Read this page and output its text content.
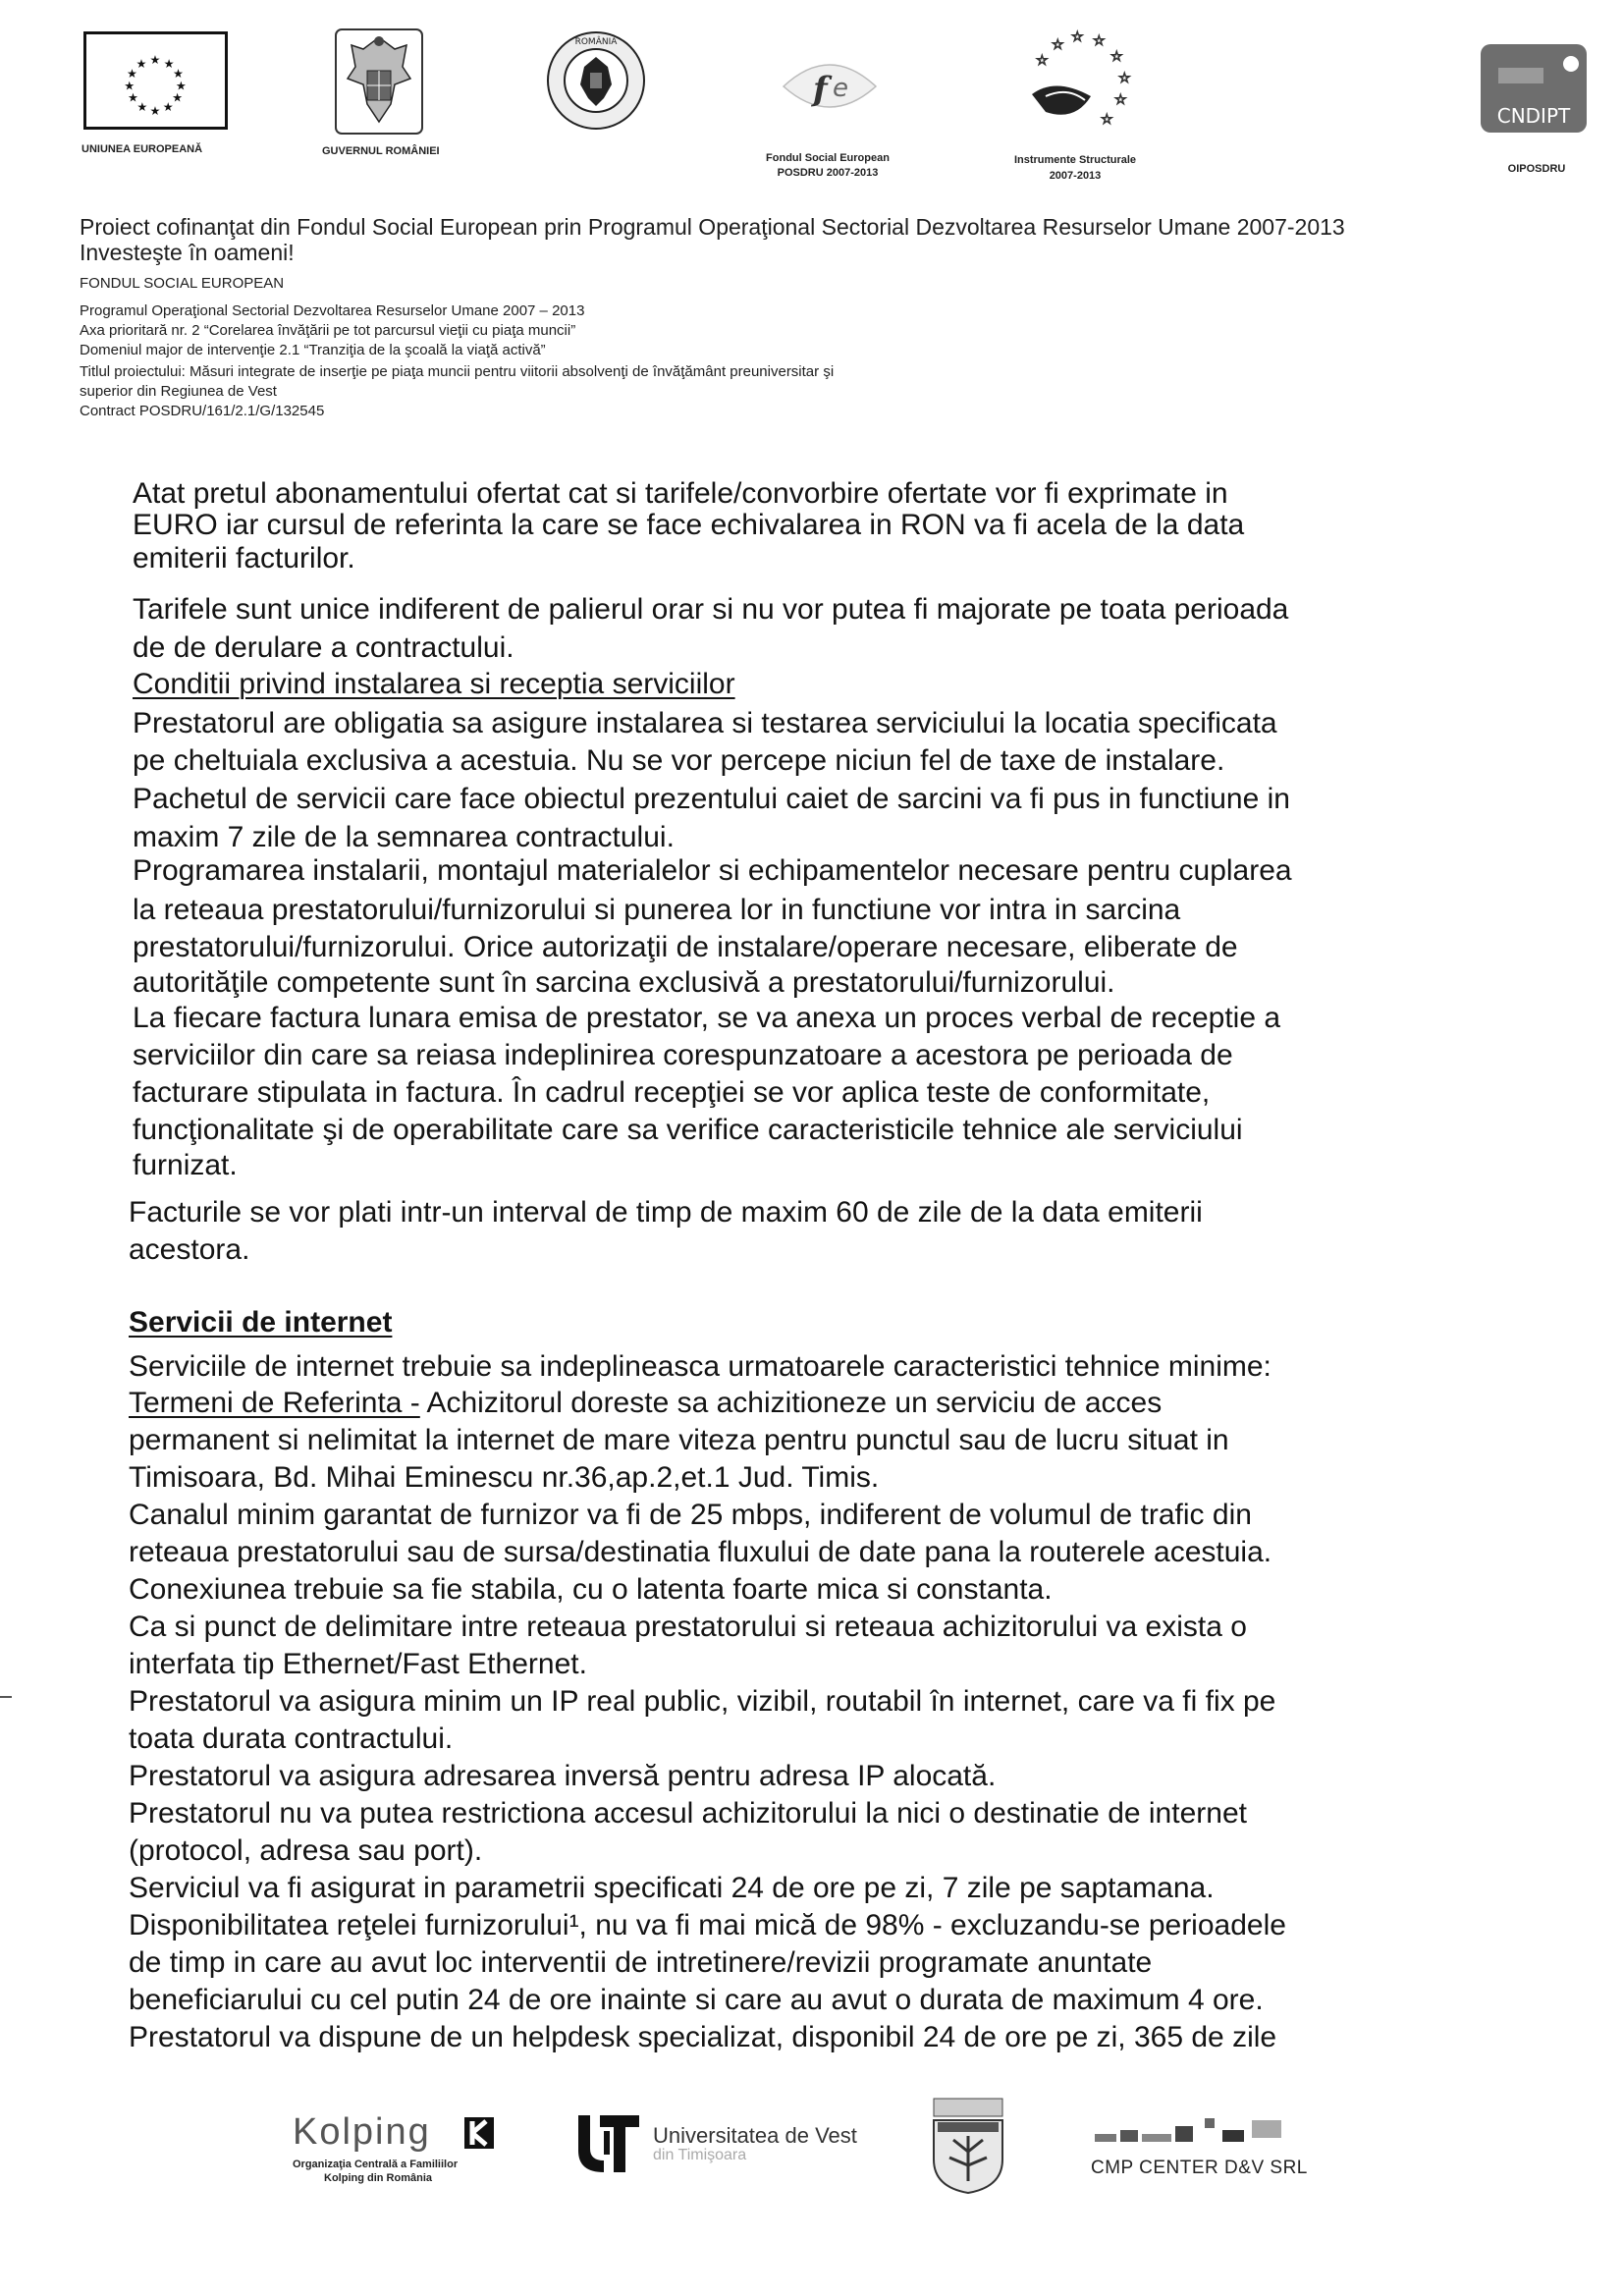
★ ★
★
★
★
★
★
★
★
★
★
★
UNIUNEA EUROPEANĂ	GUVERNUL ROMÂNIEI
ROMÂNIA
f e
Fondul Social European
POSDRU 2007-2013
☆
☆ ☆ ☆
☆
☆
☆
☆
Instrumente Structurale
2007-2013
CNDIPT
OIPOSDRU
Proiect cofinanţat din Fondul Social European prin Programul Operaţional Sectorial Dezvoltarea Resurselor Umane 2007-2013
Investeşte în oameni!
FONDUL SOCIAL EUROPEAN
Programul Operaţional Sectorial Dezvoltarea Resurselor Umane 2007 – 2013
Axa prioritară nr. 2 “Corelarea învăţării pe tot parcursul vieţii cu piaţa muncii”
Domeniul major de intervenţie 2.1 “Tranziţia de la şcoală la viaţă activă”
Titlul proiectului: Măsuri integrate de inserţie pe piaţa muncii pentru viitorii absolvenţi de învăţământ preuniversitar şi
superior din Regiunea de Vest
Contract POSDRU/161/2.1/G/132545
Atat pretul abonamentului ofertat cat si tarifele/convorbire ofertate vor fi exprimate in
EURO iar cursul de referinta la care se face echivalarea in RON va fi acela de la data
emiterii facturilor.
Tarifele sunt unice indiferent de palierul orar si nu vor putea fi majorate pe toata perioada
de de derulare a contractului.
Conditii privind instalarea si receptia serviciilor
Prestatorul are obligatia sa asigure instalarea si testarea serviciului la locatia specificata
pe cheltuiala exclusiva a acestuia. Nu se vor percepe niciun fel de taxe de instalare.
Pachetul de servicii care face obiectul prezentului caiet de sarcini va fi pus in functiune in
maxim 7 zile de la semnarea contractului.
Programarea instalarii, montajul materialelor si echipamentelor necesare pentru cuplarea
la reteaua prestatorului/furnizorului si punerea lor in functiune vor intra in sarcina
prestatorului/furnizorului. Orice autorizaţii de instalare/operare necesare, eliberate de
autorităţile competente sunt în sarcina exclusivă a prestatorului/furnizorului.
La fiecare factura lunara emisa de prestator, se va anexa un proces verbal de receptie a
serviciilor din care sa reiasa indeplinirea corespunzatoare a acestora pe perioada de
facturare stipulata in factura. În cadrul recepţiei se vor aplica teste de conformitate,
funcţionalitate şi de operabilitate care sa verifice caracteristicile tehnice ale serviciului
furnizat.
Facturile se vor plati intr-un interval de timp de maxim 60 de zile de la data emiterii
acestora.
Servicii de internet
Serviciile de internet trebuie sa indeplineasca urmatoarele caracteristici tehnice minime:
Termeni de Referinta - Achizitorul doreste sa achizitioneze un serviciu de acces
permanent si nelimitat la internet de mare viteza pentru punctul sau de lucru situat in
Timisoara, Bd. Mihai Eminescu nr.36,ap.2,et.1 Jud. Timis.
Canalul minim garantat de furnizor va fi de 25 mbps, indiferent de volumul de trafic din
reteaua prestatorului sau de sursa/destinatia fluxului de date pana la routerele acestuia.
Conexiunea trebuie sa fie stabila, cu o latenta foarte mica si constanta.
Ca si punct de delimitare intre reteaua prestatorului si reteaua achizitorului va exista o
interfata tip Ethernet/Fast Ethernet.
Prestatorul va asigura minim un IP real public, vizibil, routabil în internet, care va fi fix pe
toata durata contractului.
Prestatorul va asigura adresarea inversă pentru adresa IP alocată.
Prestatorul nu va putea restrictiona accesul achizitorului la nici o destinatie de internet
(protocol, adresa sau port).
Serviciul va fi asigurat in parametrii specificati 24 de ore pe zi, 7 zile pe saptamana.
Disponibilitatea reţelei furnizorului¹, nu va fi mai mică de 98% - excluzandu-se perioadele
de timp in care au avut loc interventii de intretinere/revizii programate anuntate
beneficiarului cu cel putin 24 de ore inainte si care au avut o durata de maximum 4 ore.
Prestatorul va dispune de un helpdesk specializat, disponibil 24 de ore pe zi, 365 de zile
Kolping
Organizaţia Centrală a Familiilor
Kolping din România
Universitatea de Vest
din Timişoara
CMP CENTER D&V SRL
